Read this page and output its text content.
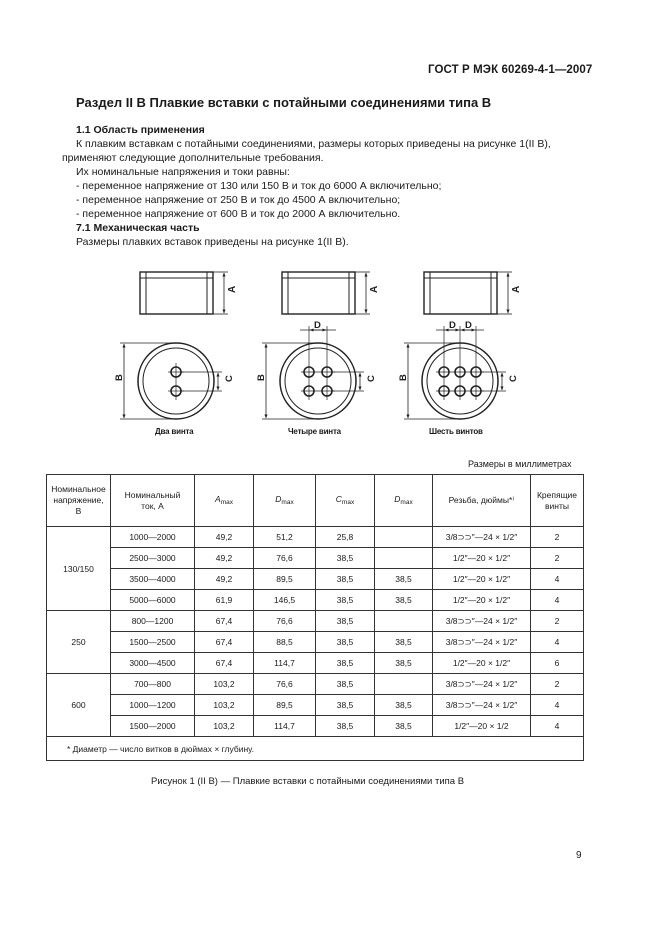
ГОСТ Р МЭК 60269-4-1—2007
Раздел II B Плавкие вставки с потайными соединениями типа B
1.1 Область применения
К плавким вставкам с потайными соединениями, размеры которых приведены на рисунке 1(II B),
применяют следующие дополнительные требования.
Их номинальные напряжения и токи равны:
- переменное напряжение от 130 или 150 В и ток до 6000 А включительно;
- переменное напряжение от 250 В и ток до 4500 А включительно;
- переменное напряжение от 600 В и ток до 2000 А включительно.
7.1 Механическая часть
Размеры плавких вставок приведены на рисунке 1(II B).
A	A	A
B	B	B
C	C	C
D	D D
Два винта	Четыре винта	Шесть винтов
Размеры в миллиметрах
Номинальное
напряжение,
В	Номинальный
ток, А	$A_{max}$	$D_{max}$	$C_{max}$	$D_{max}$	Резьба, дюймы*⁾	Крепящие
винты
130/150	1000—2000	49,2	51,2	25,8		3/8⊃⊃″—24 × 1/2″	2
	2500—3000	49,2	76,6	38,5		1/2″—20 × 1/2″	2
	3500—4000	49,2	89,5	38,5	38,5	1/2″—20 × 1/2″	4
	5000—6000	61,9	146,5	38,5	38,5	1/2″—20 × 1/2″	4
250	800—1200	67,4	76,6	38,5		3/8⊃⊃″—24 × 1/2″	2
	1500—2500	67,4	88,5	38,5	38,5	3/8⊃⊃″—24 × 1/2″	4
	3000—4500	67,4	114,7	38,5	38,5	1/2″—20 × 1/2″	6
600	700—800	103,2	76,6	38,5		3/8⊃⊃″—24 × 1/2″	2
	1000—1200	103,2	89,5	38,5	38,5	3/8⊃⊃″—24 × 1/2″	4
	1500—2000	103,2	114,7	38,5	38,5	1/2″—20 × 1/2	4
* Диаметр — число витков в дюймах × глубину.							
Рисунок 1 (II B) — Плавкие вставки с потайными соединениями типа B
9
